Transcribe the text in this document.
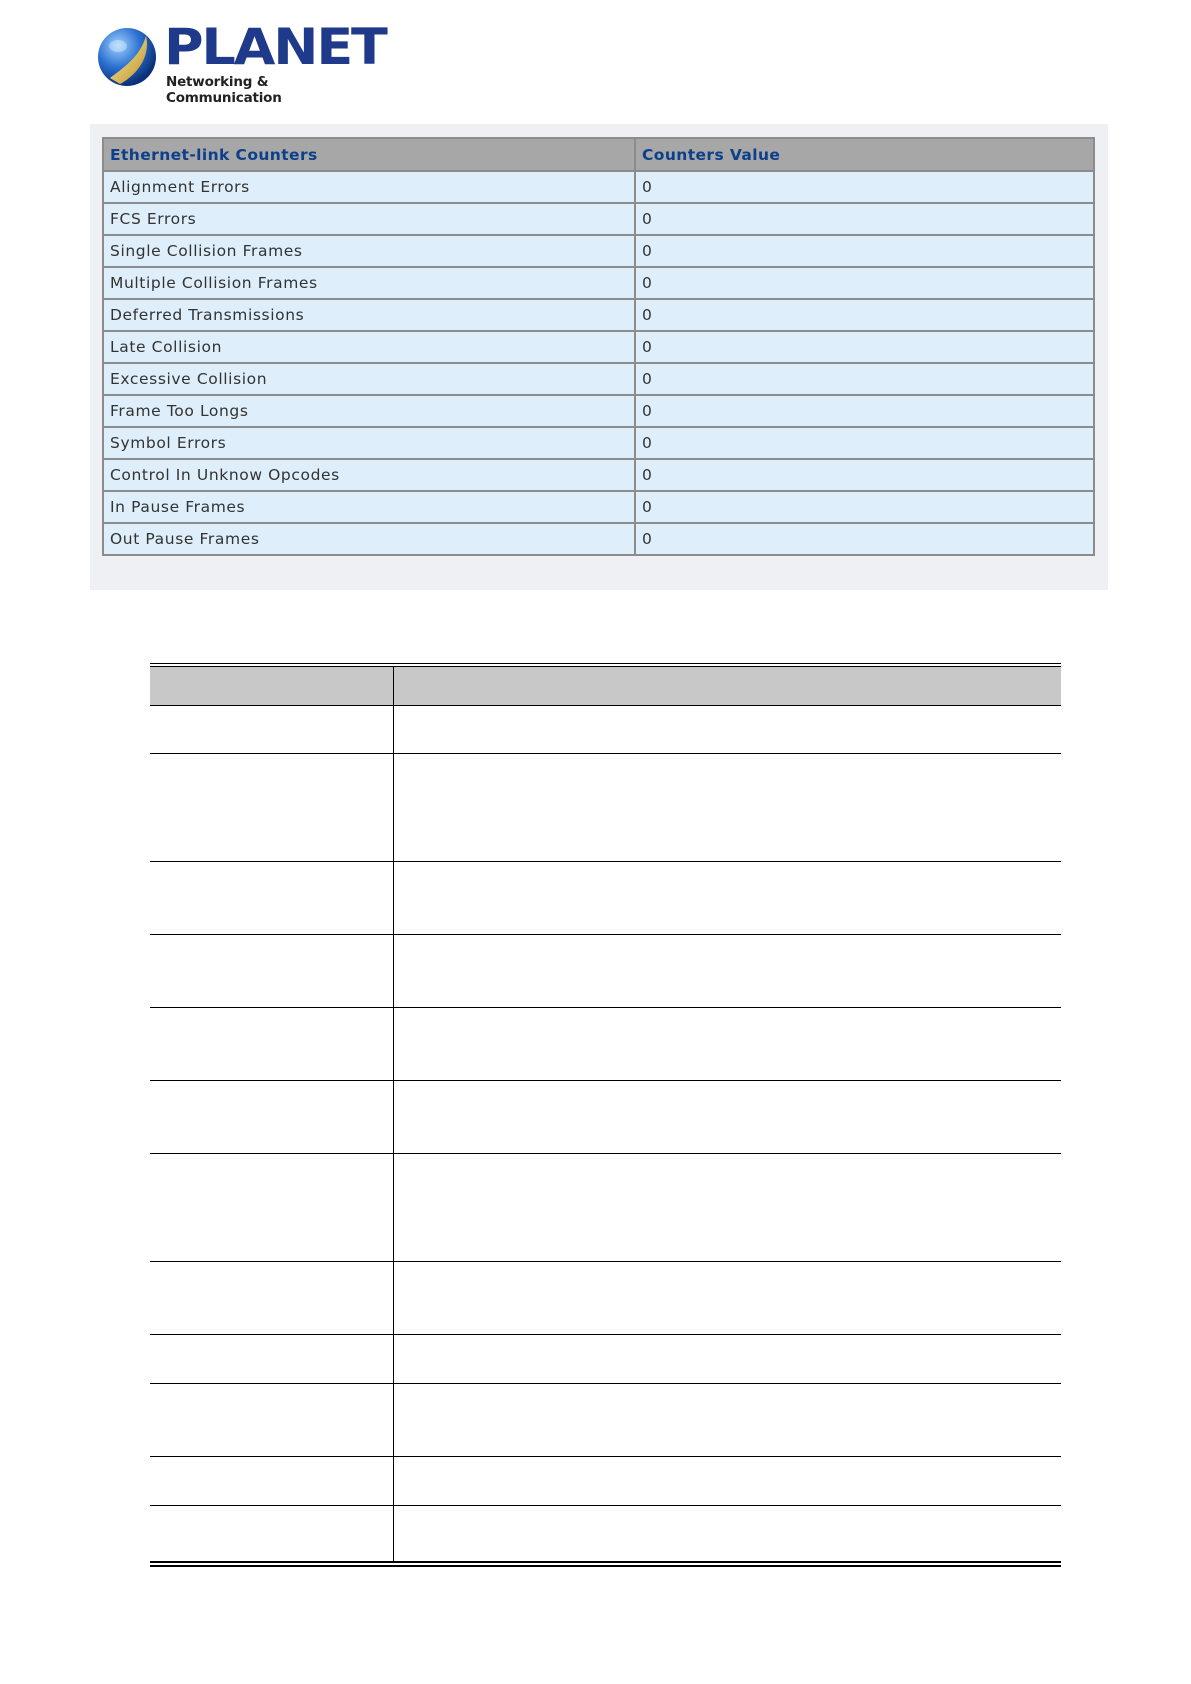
PLANET
Networking & Communication
Ethernet-link Counters	Counters Value
Alignment Errors	0
FCS Errors	0
Single Collision Frames	0
Multiple Collision Frames	0
Deferred Transmissions	0
Late Collision	0
Excessive Collision	0
Frame Too Longs	0
Symbol Errors	0
Control In Unknow Opcodes	0
In Pause Frames	0
Out Pause Frames	0
